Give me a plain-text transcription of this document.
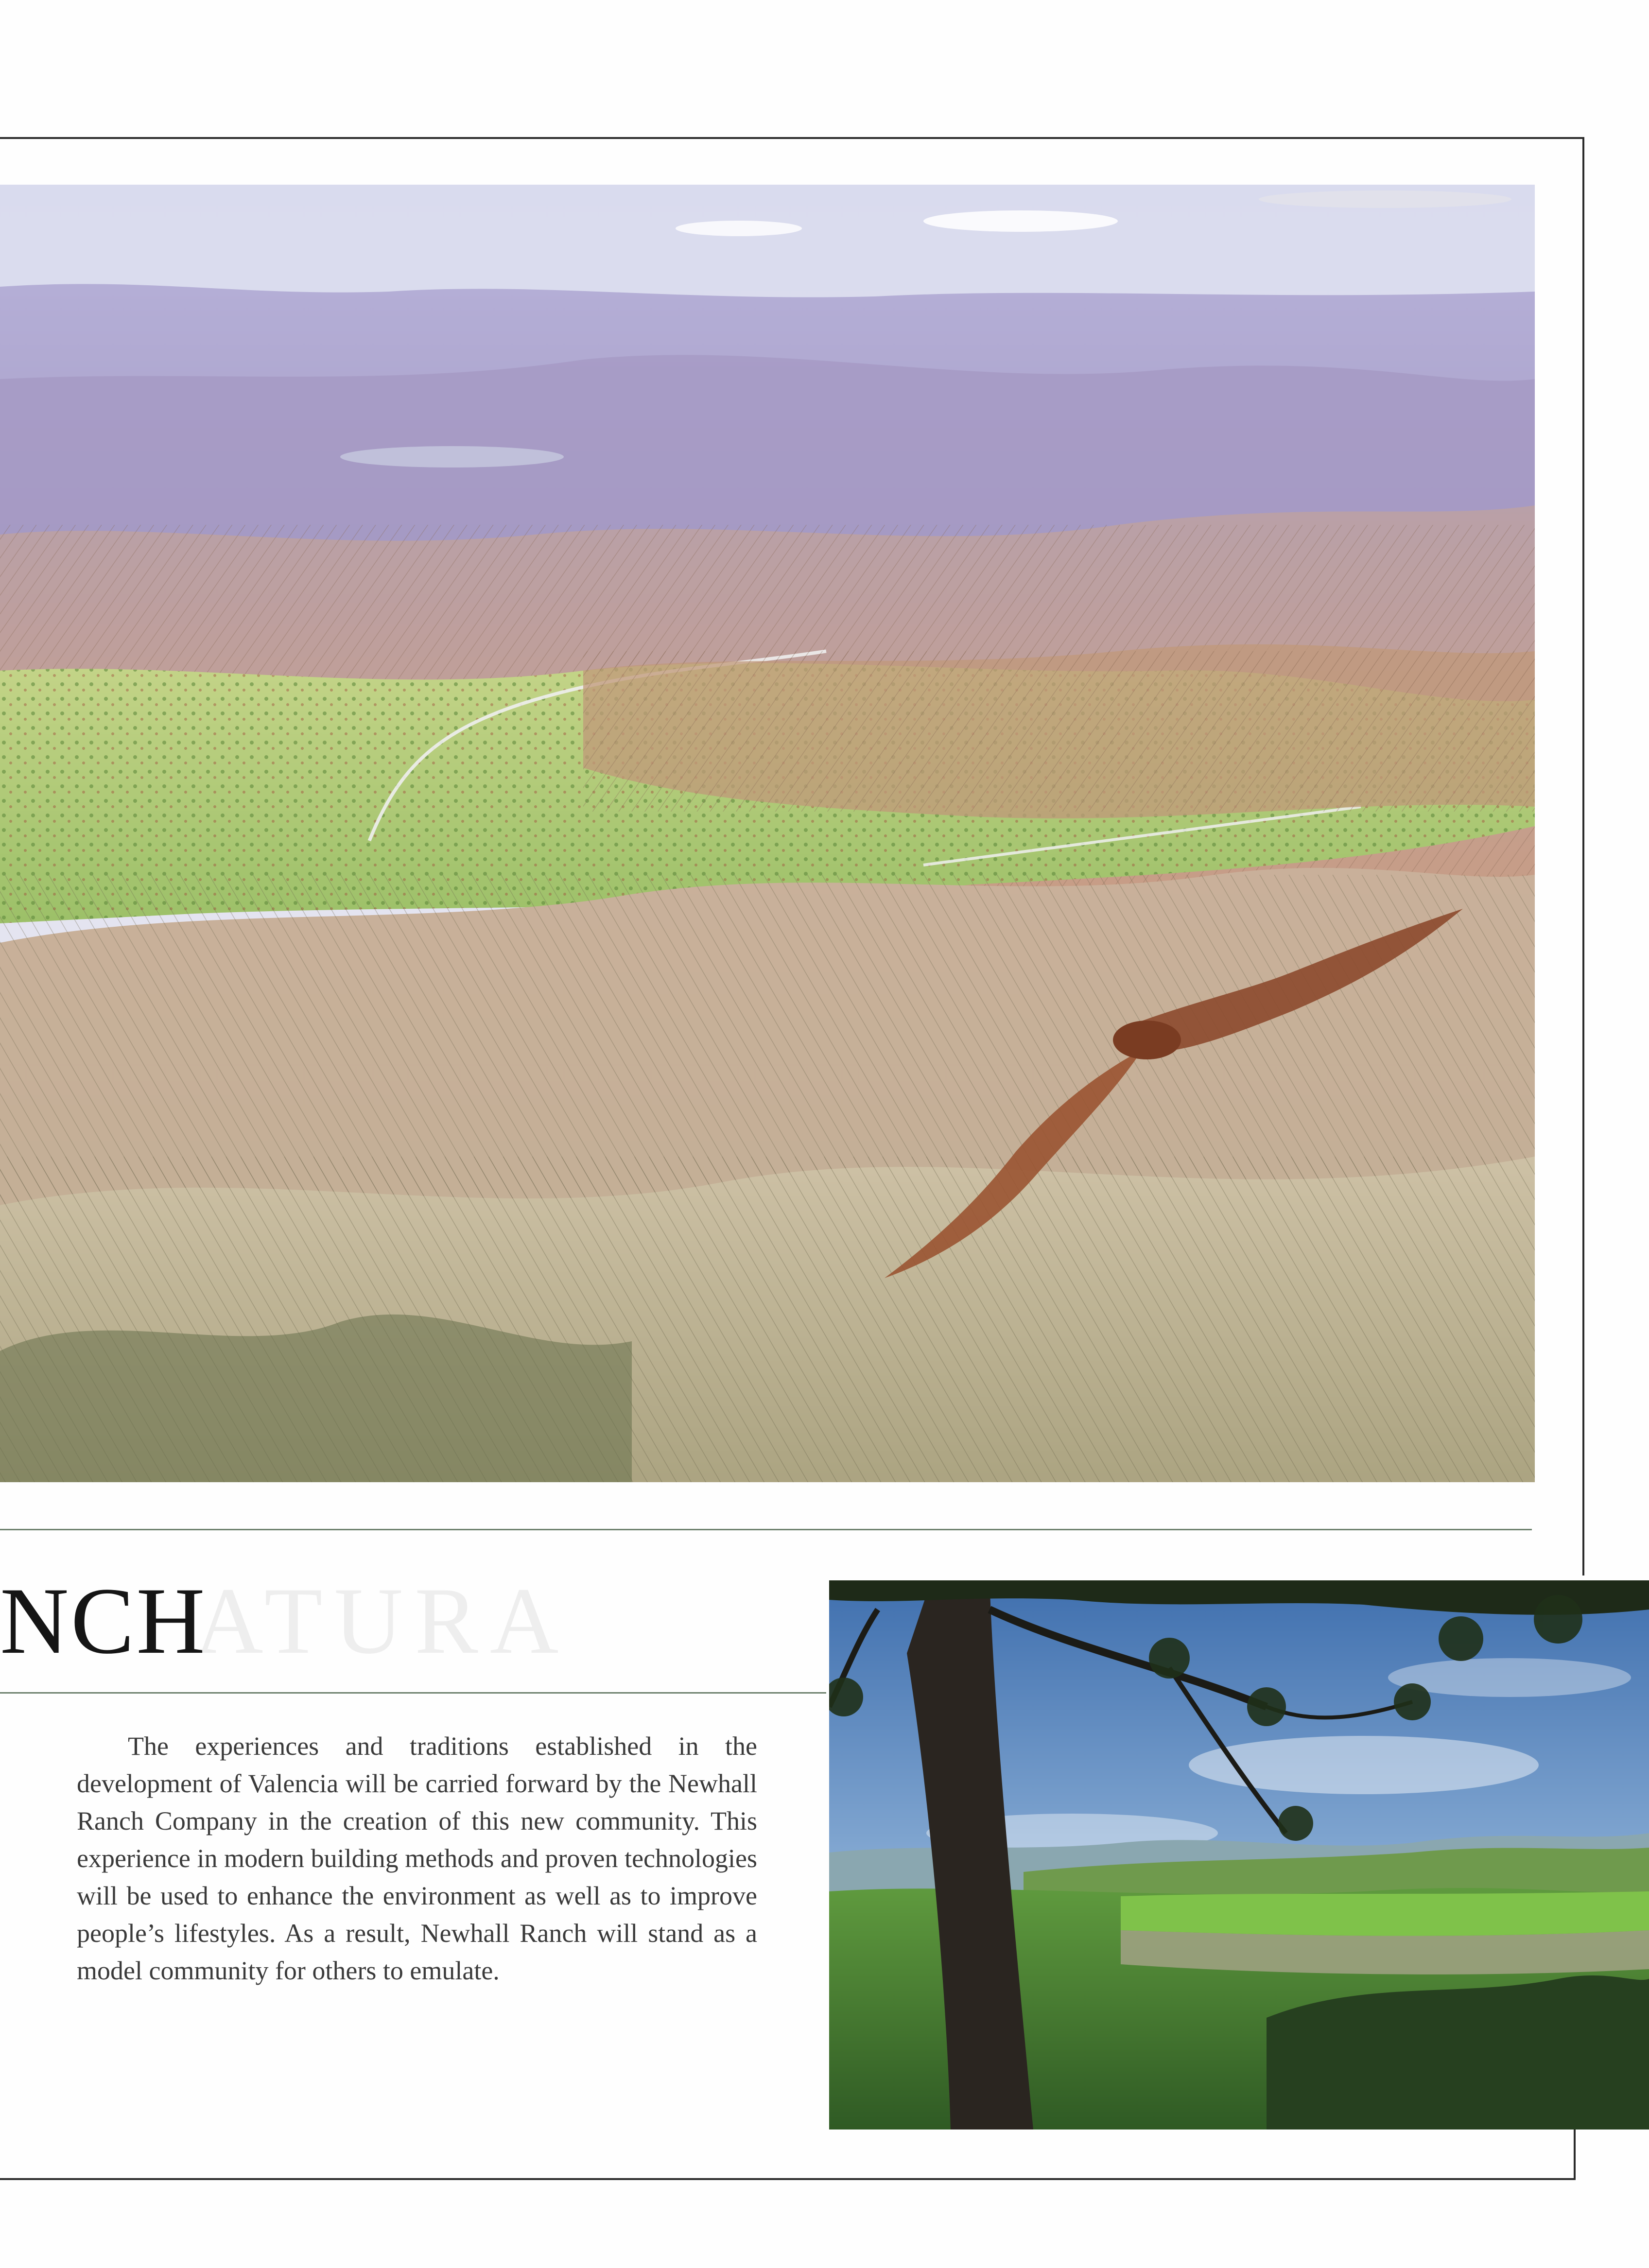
ATURA
NCH

The experiences and traditions established in the development of Valencia will be carried forward by the Newhall Ranch Company in the creation of this new community. This experience in modern building methods and proven technologies will be used to enhance the environment as well as to improve people’s lifestyles. As a result, Newhall Ranch will stand as a model community for others to emulate.
